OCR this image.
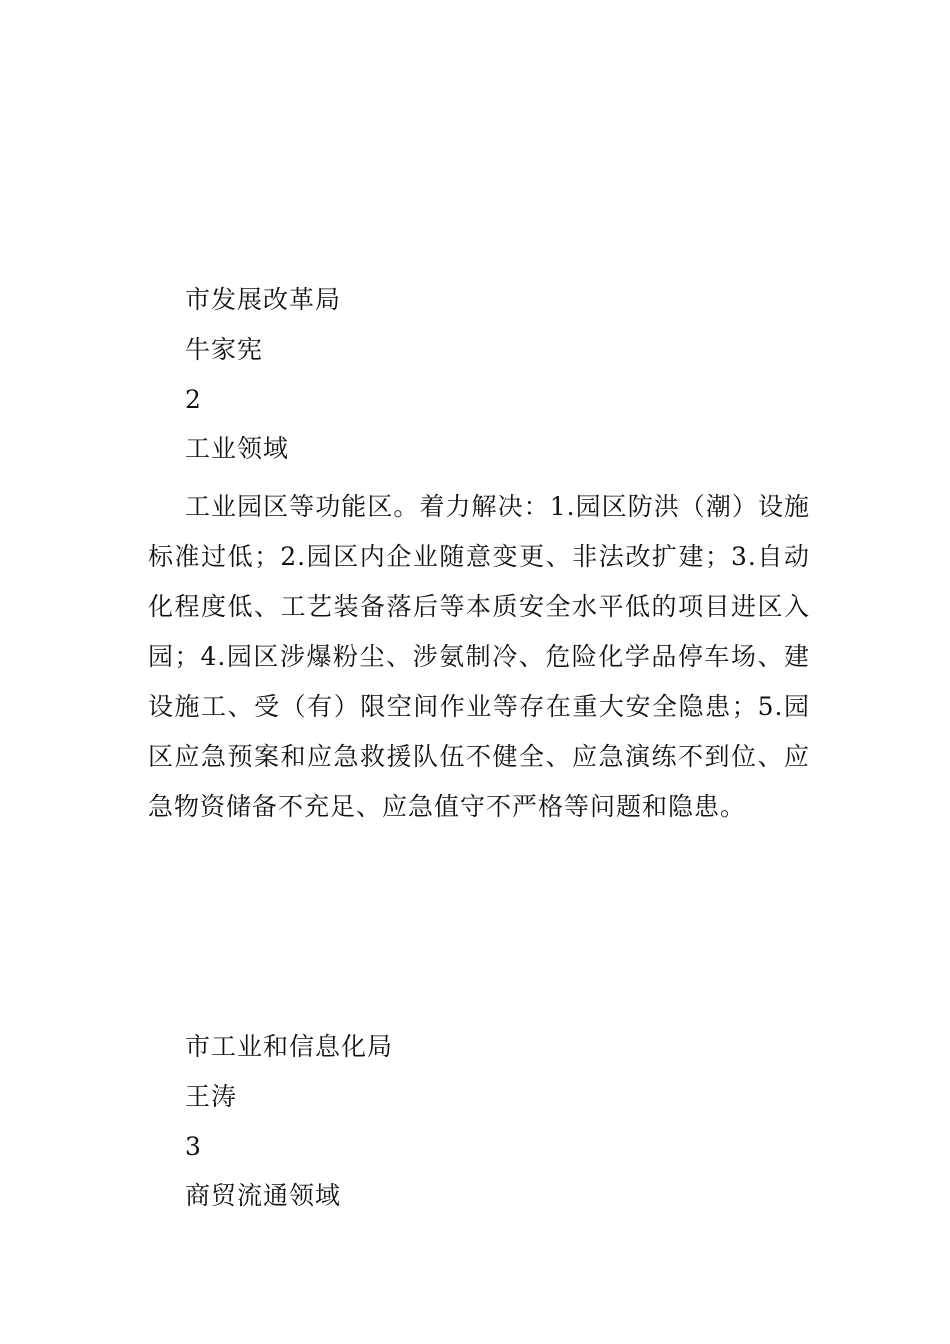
市发展改革局
牛家宪
2
工业领域

工业园区等功能区。着力解决：1.园区防洪（潮）设施标准过低；2.园区内企业随意变更、非法改扩建；3.自动化程度低、工艺装备落后等本质安全水平低的项目进区入园；4.园区涉爆粉尘、涉氨制冷、危险化学品停车场、建设施工、受（有）限空间作业等存在重大安全隐患；5.园区应急预案和应急救援队伍不健全、应急演练不到位、应急物资储备不充足、应急值守不严格等问题和隐患。

市工业和信息化局
王涛
3
商贸流通领域
